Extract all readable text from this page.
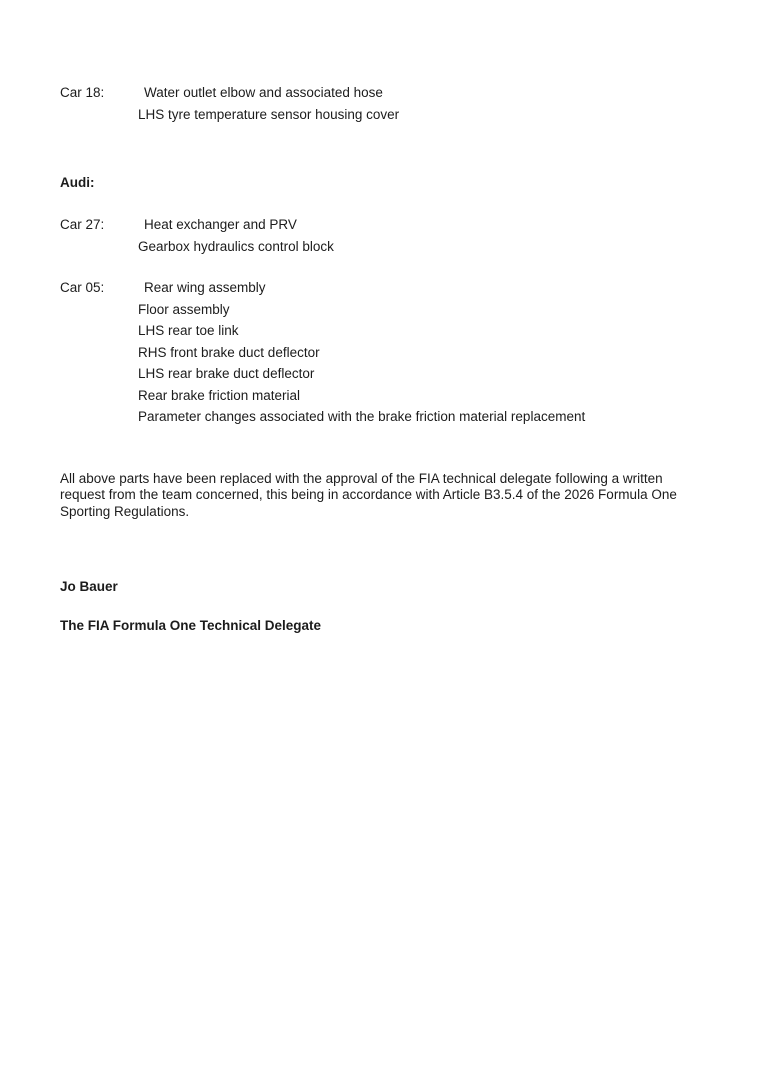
Car 18:	Water outlet elbow and associated hose
LHS tyre temperature sensor housing cover
Audi:
Car 27:	Heat exchanger and PRV
Gearbox hydraulics control block
Car 05:	Rear wing assembly
Floor assembly
LHS rear toe link
RHS front brake duct deflector
LHS rear brake duct deflector
Rear brake friction material
Parameter changes associated with the brake friction material replacement
All above parts have been replaced with the approval of the FIA technical delegate following a written request from the team concerned, this being in accordance with Article B3.5.4 of the 2026 Formula One Sporting Regulations.
Jo Bauer
The FIA Formula One Technical Delegate
